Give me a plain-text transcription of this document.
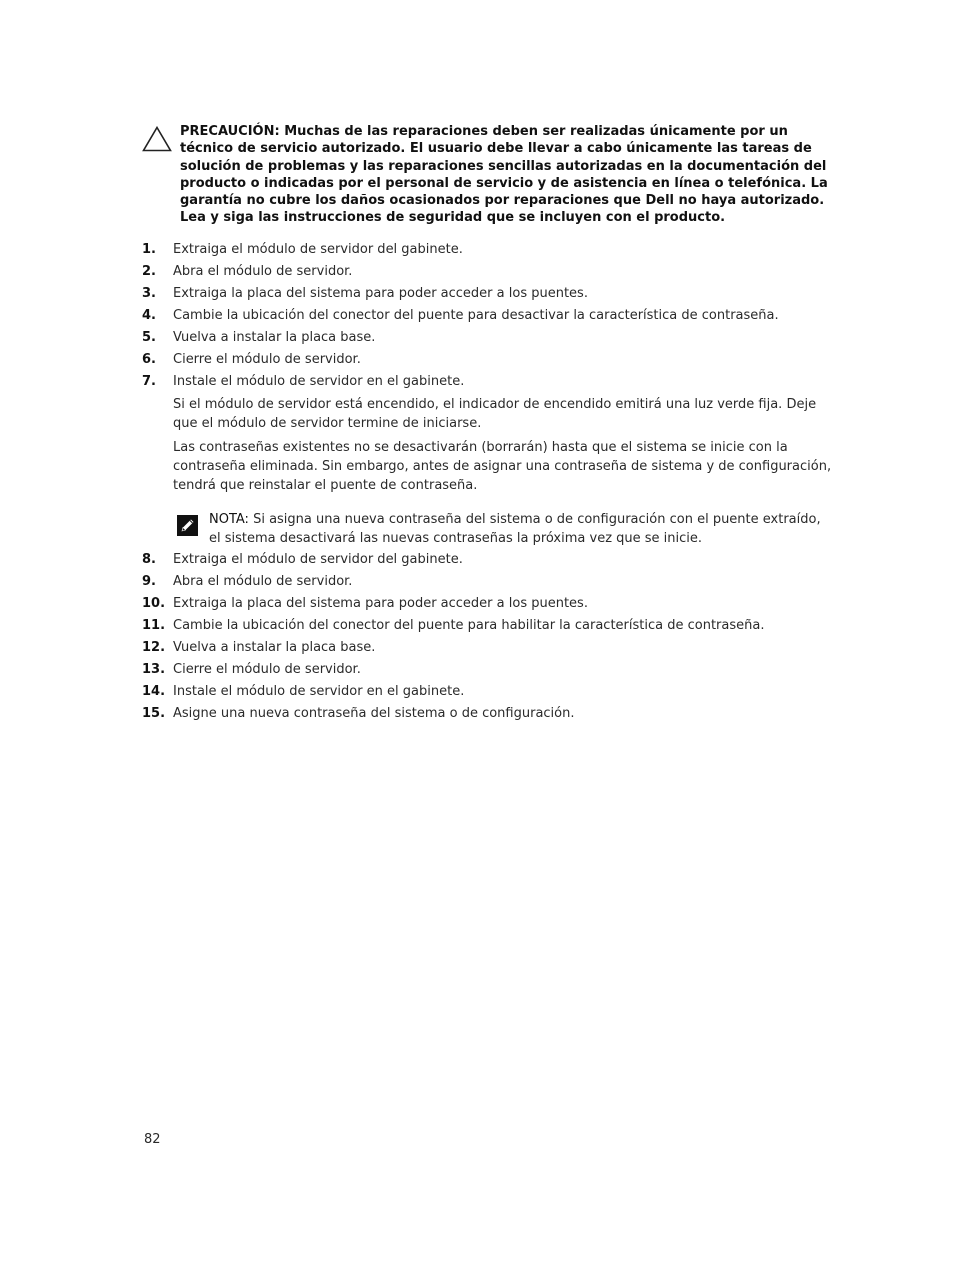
PRECAUCIÓN: Muchas de las reparaciones deben ser realizadas únicamente por un técnico de servicio autorizado. El usuario debe llevar a cabo únicamente las tareas de solución de problemas y las reparaciones sencillas autorizadas en la documentación del producto o indicadas por el personal de servicio y de asistencia en línea o telefónica. La garantía no cubre los daños ocasionados por reparaciones que Dell no haya autorizado. Lea y siga las instrucciones de seguridad que se incluyen con el producto.
1.	Extraiga el módulo de servidor del gabinete.
2.	Abra el módulo de servidor.
3.	Extraiga la placa del sistema para poder acceder a los puentes.
4.	Cambie la ubicación del conector del puente para desactivar la característica de contraseña.
5.	Vuelva a instalar la placa base.
6.	Cierre el módulo de servidor.
7.	Instale el módulo de servidor en el gabinete.
Si el módulo de servidor está encendido, el indicador de encendido emitirá una luz verde fija. Deje que el módulo de servidor termine de iniciarse.
Las contraseñas existentes no se desactivarán (borrarán) hasta que el sistema se inicie con la contraseña eliminada. Sin embargo, antes de asignar una contraseña de sistema y de configuración, tendrá que reinstalar el puente de contraseña.
NOTA: Si asigna una nueva contraseña del sistema o de configuración con el puente extraído, el sistema desactivará las nuevas contraseñas la próxima vez que se inicie.
8.	Extraiga el módulo de servidor del gabinete.
9.	Abra el módulo de servidor.
10. Extraiga la placa del sistema para poder acceder a los puentes.
11. Cambie la ubicación del conector del puente para habilitar la característica de contraseña.
12. Vuelva a instalar la placa base.
13. Cierre el módulo de servidor.
14. Instale el módulo de servidor en el gabinete.
15. Asigne una nueva contraseña del sistema o de configuración.
82
